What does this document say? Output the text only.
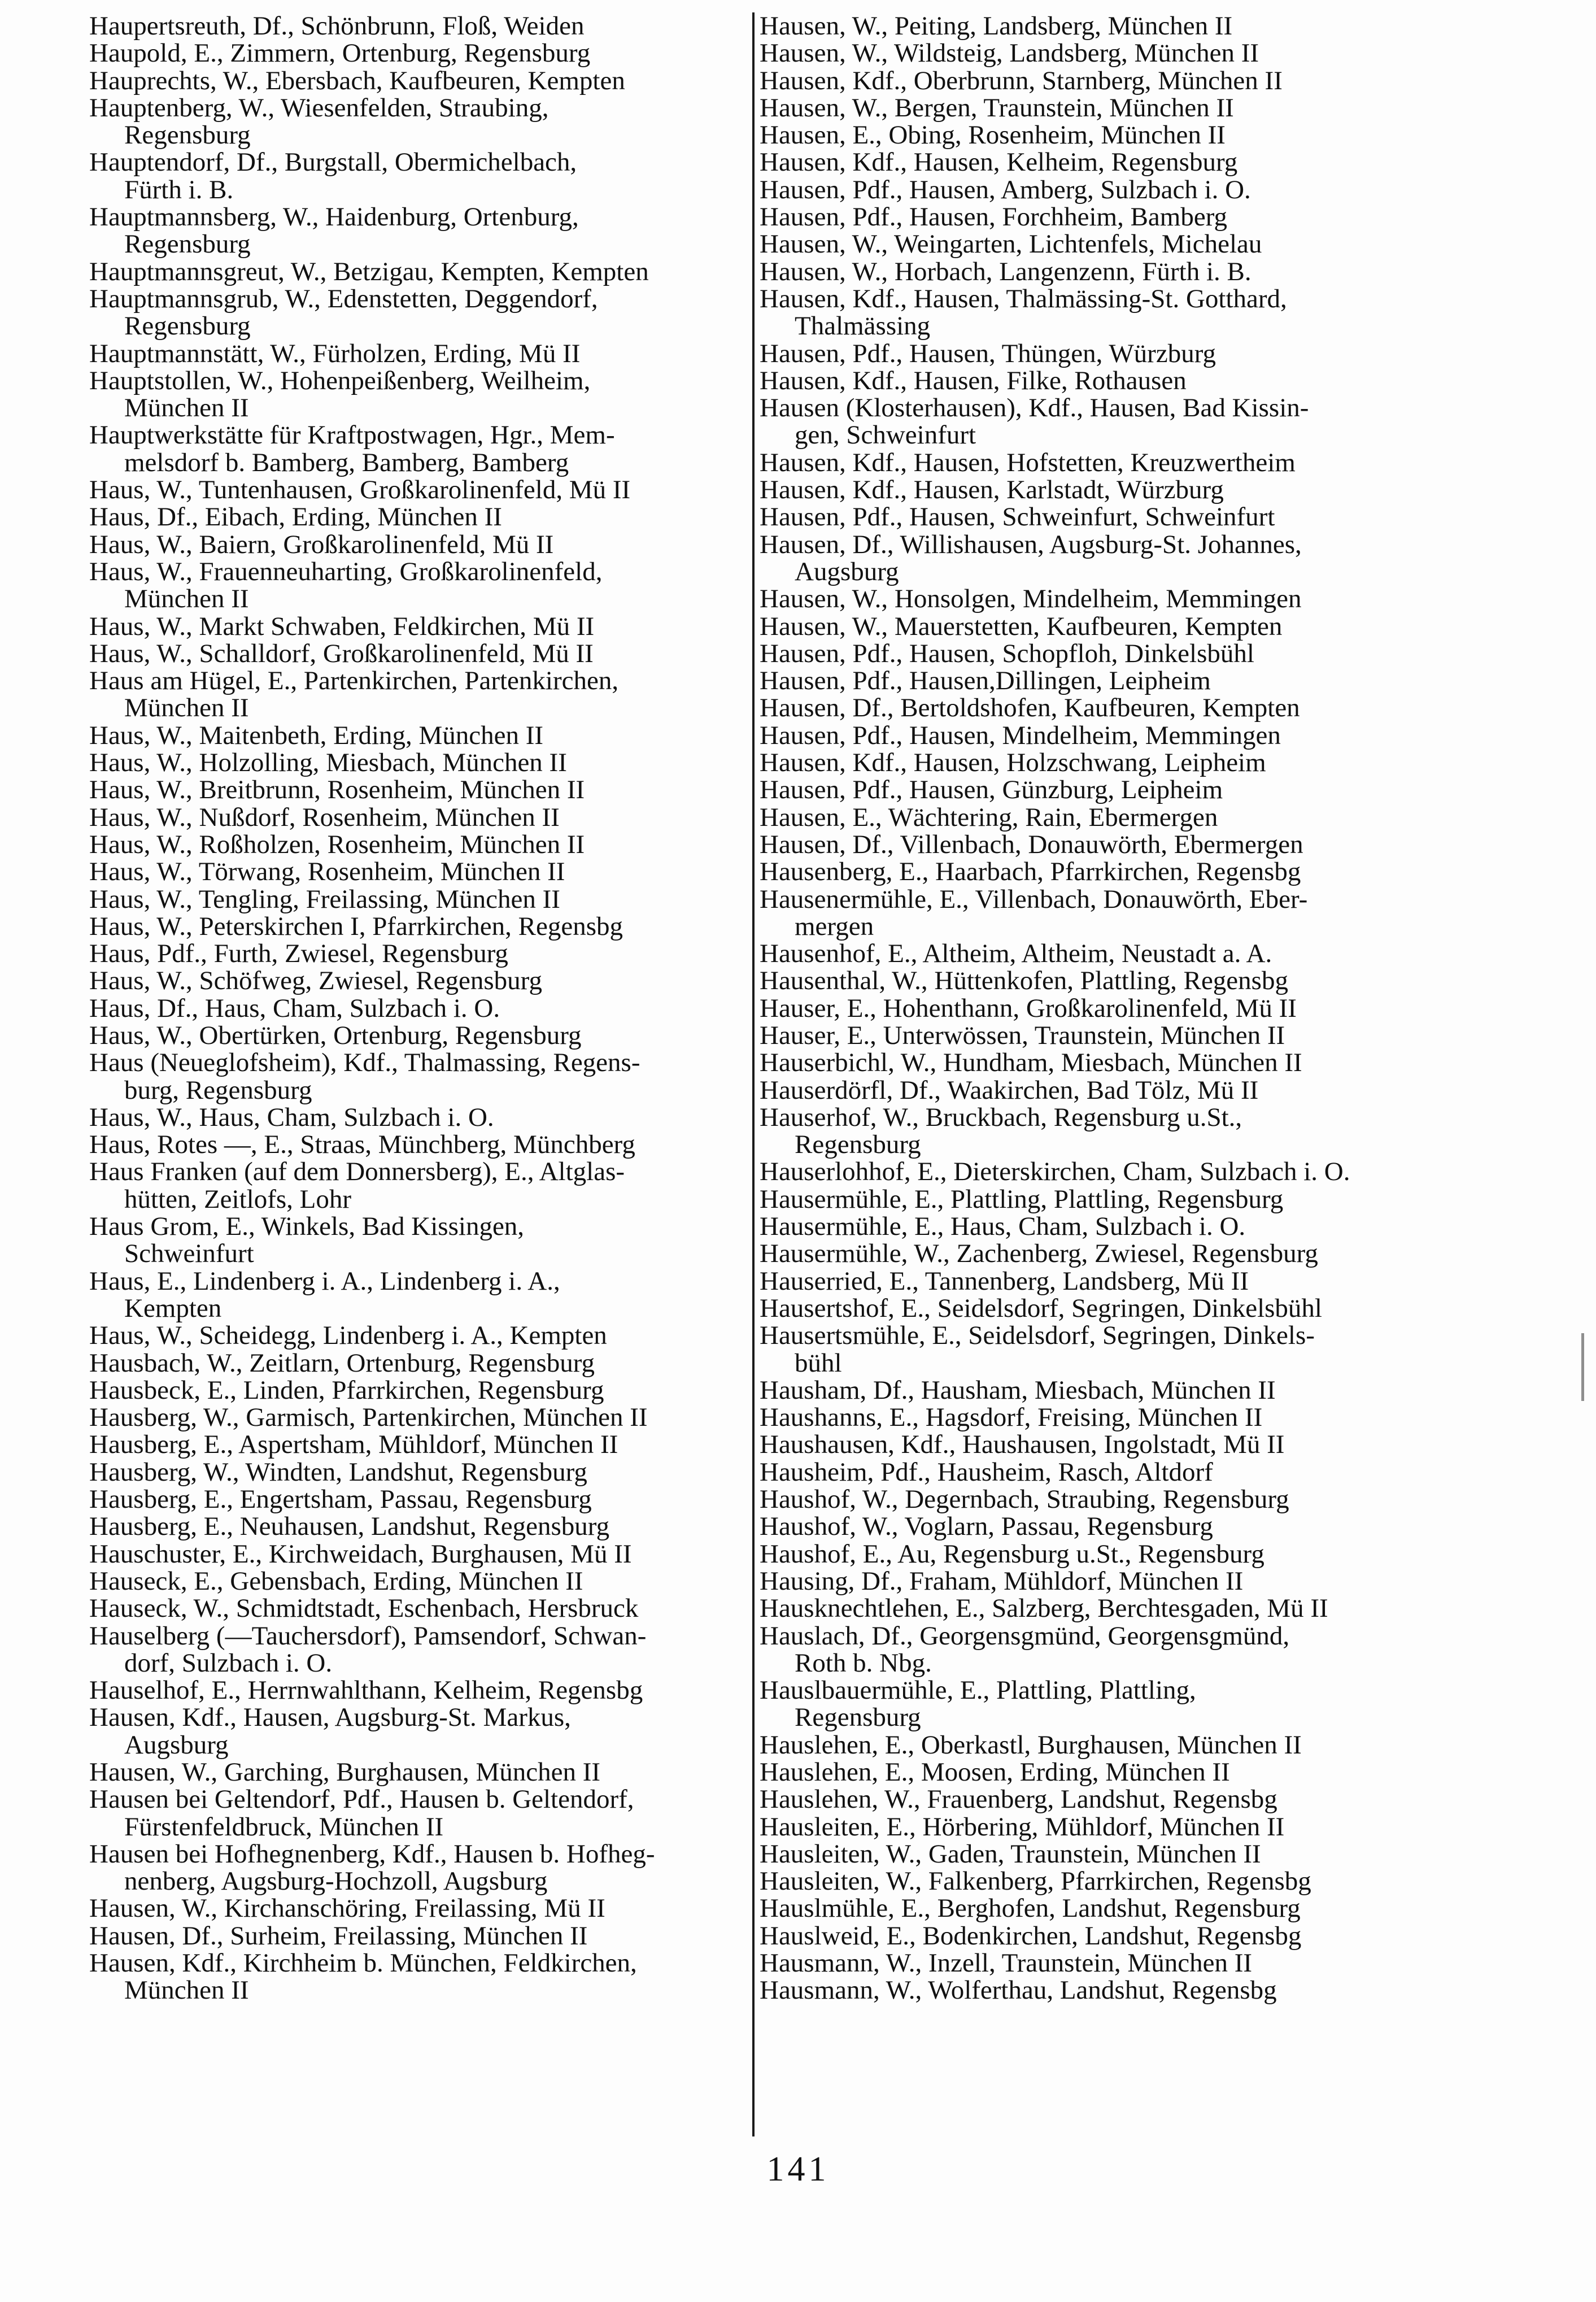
Haupertsreuth, Df., Schönbrunn, Floß, Weiden
Haupold, E., Zimmern, Ortenburg, Regensburg
Hauprechts, W., Ebersbach, Kaufbeuren, Kempten
Hauptenberg, W., Wiesenfelden, Straubing,
Regensburg
Hauptendorf, Df., Burgstall, Obermichelbach,
Fürth i. B.
Hauptmannsberg, W., Haidenburg, Ortenburg,
Regensburg
Hauptmannsgreut, W., Betzigau, Kempten, Kempten
Hauptmannsgrub, W., Edenstetten, Deggendorf,
Regensburg
Hauptmannstätt, W., Fürholzen, Erding, Mü II
Hauptstollen, W., Hohenpeißenberg, Weilheim,
München II
Hauptwerkstätte für Kraftpostwagen, Hgr., Mem-
melsdorf b. Bamberg, Bamberg, Bamberg
Haus, W., Tuntenhausen, Großkarolinenfeld, Mü II
Haus, Df., Eibach, Erding, München II
Haus, W., Baiern, Großkarolinenfeld, Mü II
Haus, W., Frauenneuharting, Großkarolinenfeld,
München II
Haus, W., Markt Schwaben, Feldkirchen, Mü II
Haus, W., Schalldorf, Großkarolinenfeld, Mü II
Haus am Hügel, E., Partenkirchen, Partenkirchen,
München II
Haus, W., Maitenbeth, Erding, München II
Haus, W., Holzolling, Miesbach, München II
Haus, W., Breitbrunn, Rosenheim, München II
Haus, W., Nußdorf, Rosenheim, München II
Haus, W., Roßholzen, Rosenheim, München II
Haus, W., Törwang, Rosenheim, München II
Haus, W., Tengling, Freilassing, München II
Haus, W., Peterskirchen I, Pfarrkirchen, Regensbg
Haus, Pdf., Furth, Zwiesel, Regensburg
Haus, W., Schöfweg, Zwiesel, Regensburg
Haus, Df., Haus, Cham, Sulzbach i. O.
Haus, W., Obertürken, Ortenburg, Regensburg
Haus (Neueglofsheim), Kdf., Thalmassing, Regens-
burg, Regensburg
Haus, W., Haus, Cham, Sulzbach i. O.
Haus, Rotes —, E., Straas, Münchberg, Münchberg
Haus Franken (auf dem Donnersberg), E., Altglas-
hütten, Zeitlofs, Lohr
Haus Grom, E., Winkels, Bad Kissingen,
Schweinfurt
Haus, E., Lindenberg i. A., Lindenberg i. A.,
Kempten
Haus, W., Scheidegg, Lindenberg i. A., Kempten
Hausbach, W., Zeitlarn, Ortenburg, Regensburg
Hausbeck, E., Linden, Pfarrkirchen, Regensburg
Hausberg, W., Garmisch, Partenkirchen, München II
Hausberg, E., Aspertsham, Mühldorf, München II
Hausberg, W., Windten, Landshut, Regensburg
Hausberg, E., Engertsham, Passau, Regensburg
Hausberg, E., Neuhausen, Landshut, Regensburg
Hauschuster, E., Kirchweidach, Burghausen, Mü II
Hauseck, E., Gebensbach, Erding, München II
Hauseck, W., Schmidtstadt, Eschenbach, Hersbruck
Hauselberg (—Tauchersdorf), Pamsendorf, Schwan-
dorf, Sulzbach i. O.
Hauselhof, E., Herrnwahlthann, Kelheim, Regensbg
Hausen, Kdf., Hausen, Augsburg-St. Markus,
Augsburg
Hausen, W., Garching, Burghausen, München II
Hausen bei Geltendorf, Pdf., Hausen b. Geltendorf,
Fürstenfeldbruck, München II
Hausen bei Hofhegnenberg, Kdf., Hausen b. Hofheg-
nenberg, Augsburg-Hochzoll, Augsburg
Hausen, W., Kirchanschöring, Freilassing, Mü II
Hausen, Df., Surheim, Freilassing, München II
Hausen, Kdf., Kirchheim b. München, Feldkirchen,
München II
Hausen, W., Peiting, Landsberg, München II
Hausen, W., Wildsteig, Landsberg, München II
Hausen, Kdf., Oberbrunn, Starnberg, München II
Hausen, W., Bergen, Traunstein, München II
Hausen, E., Obing, Rosenheim, München II
Hausen, Kdf., Hausen, Kelheim, Regensburg
Hausen, Pdf., Hausen, Amberg, Sulzbach i. O.
Hausen, Pdf., Hausen, Forchheim, Bamberg
Hausen, W., Weingarten, Lichtenfels, Michelau
Hausen, W., Horbach, Langenzenn, Fürth i. B.
Hausen, Kdf., Hausen, Thalmässing-St. Gotthard,
Thalmässing
Hausen, Pdf., Hausen, Thüngen, Würzburg
Hausen, Kdf., Hausen, Filke, Rothausen
Hausen (Klosterhausen), Kdf., Hausen, Bad Kissin-
gen, Schweinfurt
Hausen, Kdf., Hausen, Hofstetten, Kreuzwertheim
Hausen, Kdf., Hausen, Karlstadt, Würzburg
Hausen, Pdf., Hausen, Schweinfurt, Schweinfurt
Hausen, Df., Willishausen, Augsburg-St. Johannes,
Augsburg
Hausen, W., Honsolgen, Mindelheim, Memmingen
Hausen, W., Mauerstetten, Kaufbeuren, Kempten
Hausen, Pdf., Hausen, Schopfloh, Dinkelsbühl
Hausen, Pdf., Hausen,Dillingen, Leipheim
Hausen, Df., Bertoldshofen, Kaufbeuren, Kempten
Hausen, Pdf., Hausen, Mindelheim, Memmingen
Hausen, Kdf., Hausen, Holzschwang, Leipheim
Hausen, Pdf., Hausen, Günzburg, Leipheim
Hausen, E., Wächtering, Rain, Ebermergen
Hausen, Df., Villenbach, Donauwörth, Ebermergen
Hausenberg, E., Haarbach, Pfarrkirchen, Regensbg
Hausenermühle, E., Villenbach, Donauwörth, Eber-
mergen
Hausenhof, E., Altheim, Altheim, Neustadt a. A.
Hausenthal, W., Hüttenkofen, Plattling, Regensbg
Hauser, E., Hohenthann, Großkarolinenfeld, Mü II
Hauser, E., Unterwössen, Traunstein, München II
Hauserbichl, W., Hundham, Miesbach, München II
Hauserdörfl, Df., Waakirchen, Bad Tölz, Mü II
Hauserhof, W., Bruckbach, Regensburg u.St.,
Regensburg
Hauserlohhof, E., Dieterskirchen, Cham, Sulzbach i. O.
Hausermühle, E., Plattling, Plattling, Regensburg
Hausermühle, E., Haus, Cham, Sulzbach i. O.
Hausermühle, W., Zachenberg, Zwiesel, Regensburg
Hauserried, E., Tannenberg, Landsberg, Mü II
Hausertshof, E., Seidelsdorf, Segringen, Dinkelsbühl
Hausertsmühle, E., Seidelsdorf, Segringen, Dinkels-
bühl
Hausham, Df., Hausham, Miesbach, München II
Haushanns, E., Hagsdorf, Freising, München II
Haushausen, Kdf., Haushausen, Ingolstadt, Mü II
Hausheim, Pdf., Hausheim, Rasch, Altdorf
Haushof, W., Degernbach, Straubing, Regensburg
Haushof, W., Voglarn, Passau, Regensburg
Haushof, E., Au, Regensburg u.St., Regensburg
Hausing, Df., Fraham, Mühldorf, München II
Hausknechtlehen, E., Salzberg, Berchtesgaden, Mü II
Hauslach, Df., Georgensgmünd, Georgensgmünd,
Roth b. Nbg.
Hauslbauermühle, E., Plattling, Plattling,
Regensburg
Hauslehen, E., Oberkastl, Burghausen, München II
Hauslehen, E., Moosen, Erding, München II
Hauslehen, W., Frauenberg, Landshut, Regensbg
Hausleiten, E., Hörbering, Mühldorf, München II
Hausleiten, W., Gaden, Traunstein, München II
Hausleiten, W., Falkenberg, Pfarrkirchen, Regensbg
Hauslmühle, E., Berghofen, Landshut, Regensburg
Hauslweid, E., Bodenkirchen, Landshut, Regensbg
Hausmann, W., Inzell, Traunstein, München II
Hausmann, W., Wolferthau, Landshut, Regensbg
141
